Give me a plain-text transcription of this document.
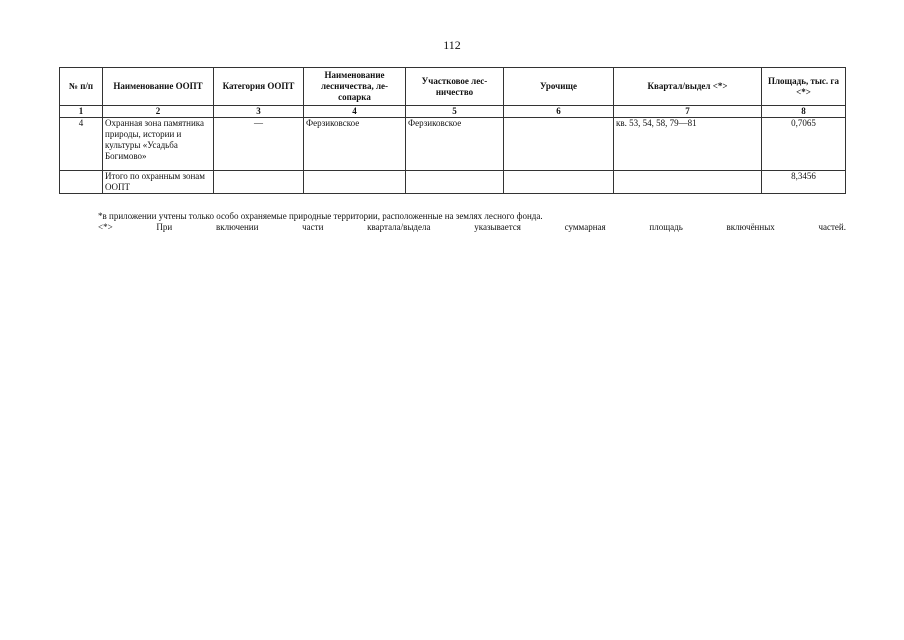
112
№ п/п	Наименование ООПТ	Категория ООПТ	Наименование лесничества, ле-сопарка	Участковое лес-ничество	Урочище	Квартал/выдел <*>	Площадь, тыс. га <*>
1	2	3	4	5	6	7	8
4	Охранная зона памятника природы, истории и культуры «Усадьба Богимово»	—	Ферзиковское	Ферзиковское		кв. 53, 54, 58, 79—81	0,7065
	Итого по охранным зонам ООПТ						8,3456
*в приложении учтены только особо охраняемые природные территории, расположенные на землях лесного фонда.
<*>	При	включении	части	квартала/выдела	указывается	суммарная	площадь	включённых	частей.
